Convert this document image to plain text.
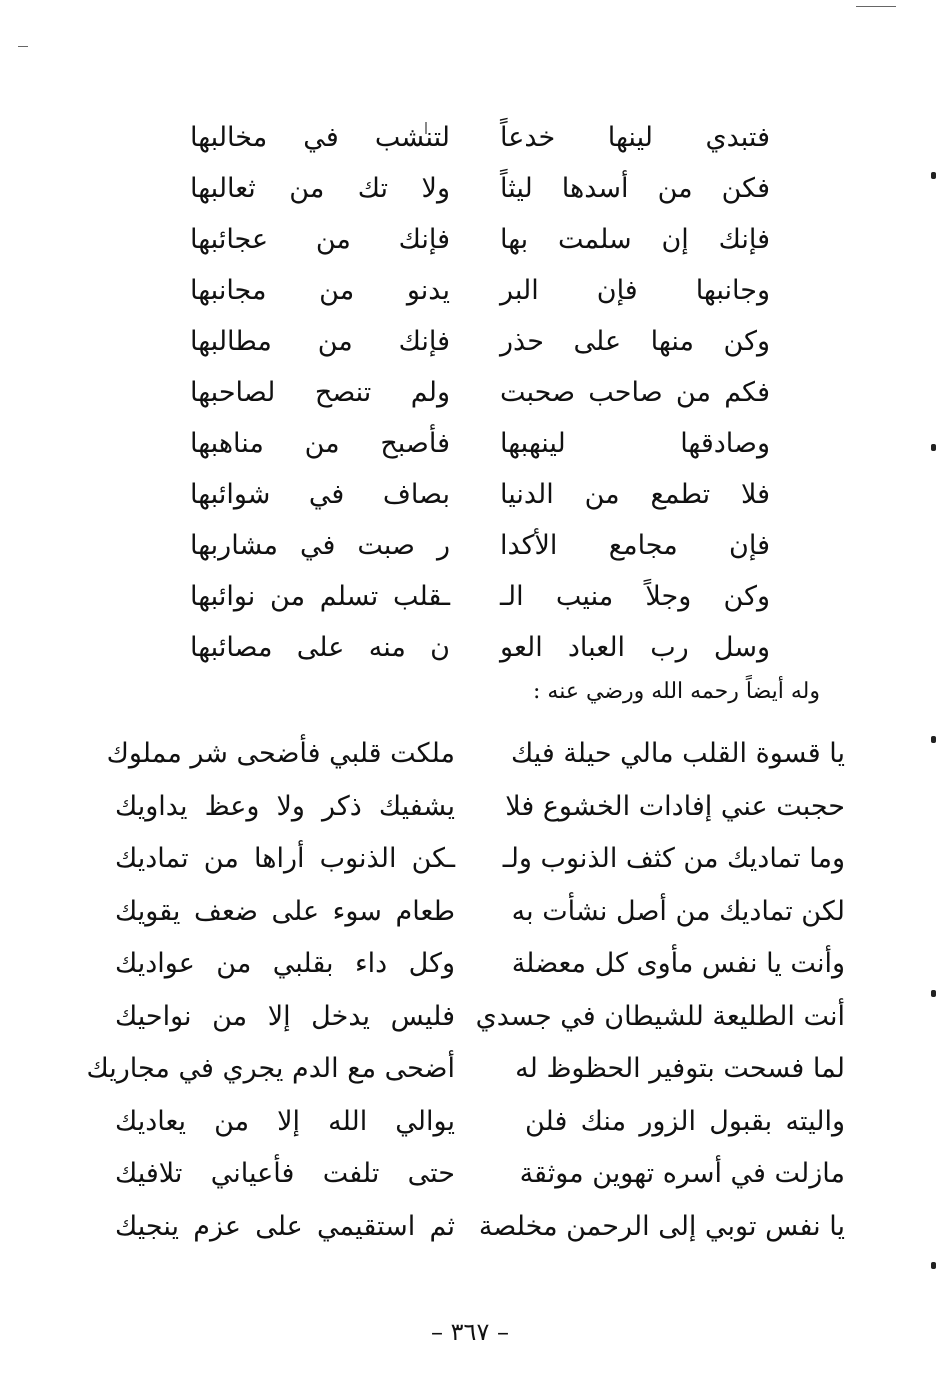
فتبدي لينها خدعاً
لتنشب في مخالبها
فكن من أسدها ليثاً
ولا تك من ثعالبها
فإنك إن سلمت بها
فإنك من عجائبها
وجانبها فإن البر
يدنو من مجانبها
وكن منها على حذر
فإنك من مطالبها
فكم من صاحب صحبت
ولم تنصح لصاحبها
وصادقها لينهبها
فأصبح من مناهبها
فلا تطمع من الدنيا
بصاف في شوائبها
فإن مجامع الأكدا
ر صبت في مشاربها
وكن وجلاً منيب الـ
ـقلب تسلم من نوائبها
وسل رب العباد العو
ن منه على مصائبها
وله أيضاً رحمه الله ورضي عنه :
يا قسوة القلب مالي حيلة فيك
ملكت قلبي فأضحى شر مملوك
حجبت عني إفادات الخشوع فلا
يشفيك ذكر ولا وعظ يداويك
وما تماديك من كثف الذنوب ولـ
ـكن الذنوب أراها من تماديك
لكن تماديك من أصل نشأت به
طعام سوء على ضعف يقويك
وأنت يا نفس مأوى كل معضلة
وكل داء بقلبي من عواديك
أنت الطليعة للشيطان في جسدي
فليس يدخل إلا من نواحيك
لما فسحت بتوفير الحظوظ له
أضحى مع الدم يجري في مجاريك
واليته بقبول الزور منك فلن
يوالي الله إلا من يعاديك
مازلت في أسره تهوين موثقة
حتى تلفت فأعياني تلافيك
يا نفس توبي إلى الرحمن مخلصة
ثم استقيمي على عزم ينجيك
– ٣٦٧ –
